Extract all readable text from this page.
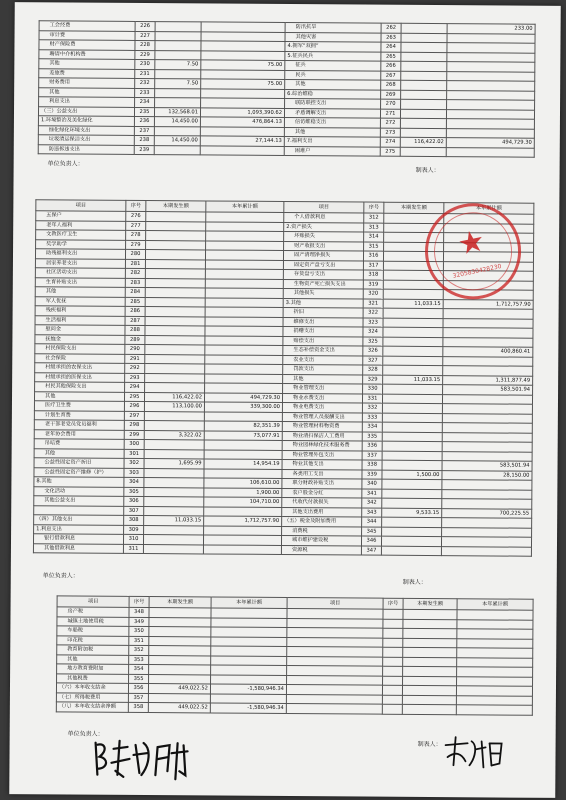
工会经费	226			防汛抗旱	262		233.00
审计费	227			其他灾害	263		
财产保险费	228			4.拥军“双拥”	264		
聘请中介机构费	229			5.征兵民兵	265		
其他	230	7.50	75.00	征兵	266		
差旅费	231			民兵	267		
财务费用	232	7.50	75.00	其他	268		
其他	233			6.综治维稳	269		
利息支出	234			联防联控支出	270		
（三）公益支出	235	132,568.01	1,093,390.62	矛盾调解支出	271		
1.环境整治及美化绿化	236	14,450.00	476,864.13	信访维稳支出	272		
绿化绿化环境支出	237			其他	273		
垃圾清运保洁支出	238	14,450.00	27,144.13	7.福利支出	274	116,422.02	494,729.30
防违拆违支出	239			困难户	275		
单位负责人：
制表人：
项目	序号	本期发生额	本年累计额	项目	序号	本期发生额	本年累计额
五保户	276			个人借款利息	312		
老年人福利	277			2.资产损失	313		
文教医疗卫生	278			坏账损失	314		
奖学助学	279			财产收报支出	315		
助残福利支出	280			固产清理净损失	316		
居家养老支出	281			固定资产盘亏支出	317		
社区活动支出	282			存货盘亏支出	318		
生育补贴支出	283			生物资产死亡损失支出	319		
其他	284			其他损失	320		
军人优抚	285			3.其他	321	11,033.15	1,712,757.90
残疾福利	286			折旧	322		
生活福利	287			维修支出	323		
慰问金	288			捐赠支出	324		
抚恤金	289			赔偿支出	325		
村民保险支出	290			生态补偿资金支出	326		400,860.41
社会保险	291			农业支出	327		
村级承担的农保支出	292			罚款支出	328		
村级承担的医保支出	293			其他	329	11,033.15	1,311,877.49
村民其他保险支出	294			物业管理支出	330		583,501.94
其他	295	116,422.02	494,729.30	物业水费支出	331		
医疗卫生费	296	113,100.00	339,300.00	物业电费支出	332		
计划生育费	297			物业管理人员报酬支出	333		
老干部老党员党员福利	298		82,351.39	物业管理材料物资费	334		
老年协会费用	299	3,322.02	73,077.91	物业清扫保洁人工费用	335		
吊唁费	300			物业园林绿化技术服务费	336		
其他	301			物业管理外包支出	337		
公益性固定资产折旧	302	1,695.99	14,954.19	物业其他支出	338		583,501.94
公益性固定资产维修（护）	303			各类用工支出	339	1,500.00	28,150.00
8.其他	304		106,610.00	职分财政补贴支出	340		
文化活动	305		1,900.00	农户股金分红	341		
其他公益支出	306		104,710.00	代收代付款损失	342		
	307			其他支出费用	343	9,533.15	700,225.55
（四）其他支出	308	11,033.15	1,712,757.90	（五）税金及附加费用	344		
1.利息支出	309			消费税	345		
银行借款利息	310			城市维护建设税	346		
其他借款利息	311			资源税	347		
单位负责人：
制表人：
项目	序号	本期发生额	本年累计额	项目	序号	本期发生额	本年累计额
房产税	348						
城镇土地使用税	349						
车船税	350						
印花税	351						
教育附加税	352						
其他	353						
地方教育费附加	354						
其他税费	355						
（六）本年收支结余	356	449,022.52	-1,580,946.34				
（七）所得税费用	357						
（八）本年收支结余净额	358	449,022.52	-1,580,946.34				
单位负责人：
制表人：
★
3205830428230
